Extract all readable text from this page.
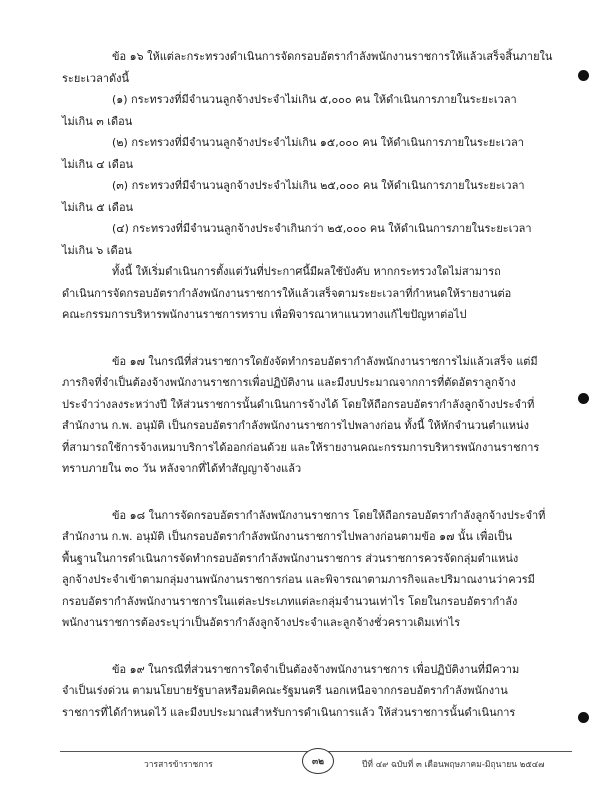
ข้อ ๑๖ ให้แต่ละกระทรวงดำเนินการจัดกรอบอัตรากำลังพนักงานราชการให้แล้วเสร็จสิ้นภายใน
ระยะเวลาดังนี้
(๑) กระทรวงที่มีจำนวนลูกจ้างประจำไม่เกิน ๕,๐๐๐ คน ให้ดำเนินการภายในระยะเวลา
ไม่เกิน ๓ เดือน
(๒) กระทรวงที่มีจำนวนลูกจ้างประจำไม่เกิน ๑๕,๐๐๐ คน ให้ดำเนินการภายในระยะเวลา
ไม่เกิน ๔ เดือน
(๓) กระทรวงที่มีจำนวนลูกจ้างประจำไม่เกิน ๒๕,๐๐๐ คน ให้ดำเนินการภายในระยะเวลา
ไม่เกิน ๕ เดือน
(๔) กระทรวงที่มีจำนวนลูกจ้างประจำเกินกว่า ๒๕,๐๐๐ คน ให้ดำเนินการภายในระยะเวลา
ไม่เกิน ๖ เดือน
ทั้งนี้ ให้เริ่มดำเนินการตั้งแต่วันที่ประกาศนี้มีผลใช้บังคับ หากกระทรวงใดไม่สามารถ
ดำเนินการจัดกรอบอัตรากำลังพนักงานราชการให้แล้วเสร็จตามระยะเวลาที่กำหนดให้รายงานต่อ
คณะกรรมการบริหารพนักงานราชการทราบ เพื่อพิจารณาหาแนวทางแก้ไขปัญหาต่อไป
ข้อ ๑๗ ในกรณีที่ส่วนราชการใดยังจัดทำกรอบอัตรากำลังพนักงานราชการไม่แล้วเสร็จ แต่มี
ภารกิจที่จำเป็นต้องจ้างพนักงานราชการเพื่อปฏิบัติงาน และมีงบประมาณจากการที่ตัดอัตราลูกจ้าง
ประจำว่างลงระหว่างปี ให้ส่วนราชการนั้นดำเนินการจ้างได้ โดยให้ถือกรอบอัตรากำลังลูกจ้างประจำที่
สำนักงาน ก.พ. อนุมัติ เป็นกรอบอัตรากำลังพนักงานราชการไปพลางก่อน ทั้งนี้ ให้หักจำนวนตำแหน่ง
ที่สามารถใช้การจ้างเหมาบริการได้ออกก่อนด้วย และให้รายงานคณะกรรมการบริหารพนักงานราชการ
ทราบภายใน ๓๐ วัน หลังจากที่ได้ทำสัญญาจ้างแล้ว
ข้อ ๑๘ ในการจัดกรอบอัตรากำลังพนักงานราชการ โดยให้ถือกรอบอัตรากำลังลูกจ้างประจำที่
สำนักงาน ก.พ. อนุมัติ เป็นกรอบอัตรากำลังพนักงานราชการไปพลางก่อนตามข้อ ๑๗ นั้น เพื่อเป็น
พื้นฐานในการดำเนินการจัดทำกรอบอัตรากำลังพนักงานราชการ ส่วนราชการควรจัดกลุ่มตำแหน่ง
ลูกจ้างประจำเข้าตามกลุ่มงานพนักงานราชการก่อน และพิจารณาตามภารกิจและปริมาณงานว่าควรมี
กรอบอัตรากำลังพนักงานราชการในแต่ละประเภทแต่ละกลุ่มจำนวนเท่าไร โดยในกรอบอัตรากำลัง
พนักงานราชการต้องระบุว่าเป็นอัตรากำลังลูกจ้างประจำและลูกจ้างชั่วคราวเดิมเท่าไร
ข้อ ๑๙ ในกรณีที่ส่วนราชการใดจำเป็นต้องจ้างพนักงานราชการ เพื่อปฏิบัติงานที่มีความ
จำเป็นเร่งด่วน ตามนโยบายรัฐบาลหรือมติคณะรัฐมนตรี นอกเหนือจากกรอบอัตรากำลังพนักงาน
ราชการที่ได้กำหนดไว้ และมีงบประมาณสำหรับการดำเนินการแล้ว ให้ส่วนราชการนั้นดำเนินการ
วารสารข้าราชการ	๓๒	ปีที่ ๔๙ ฉบับที่ ๓ เดือนพฤษภาคม-มิถุนายน ๒๕๔๗
